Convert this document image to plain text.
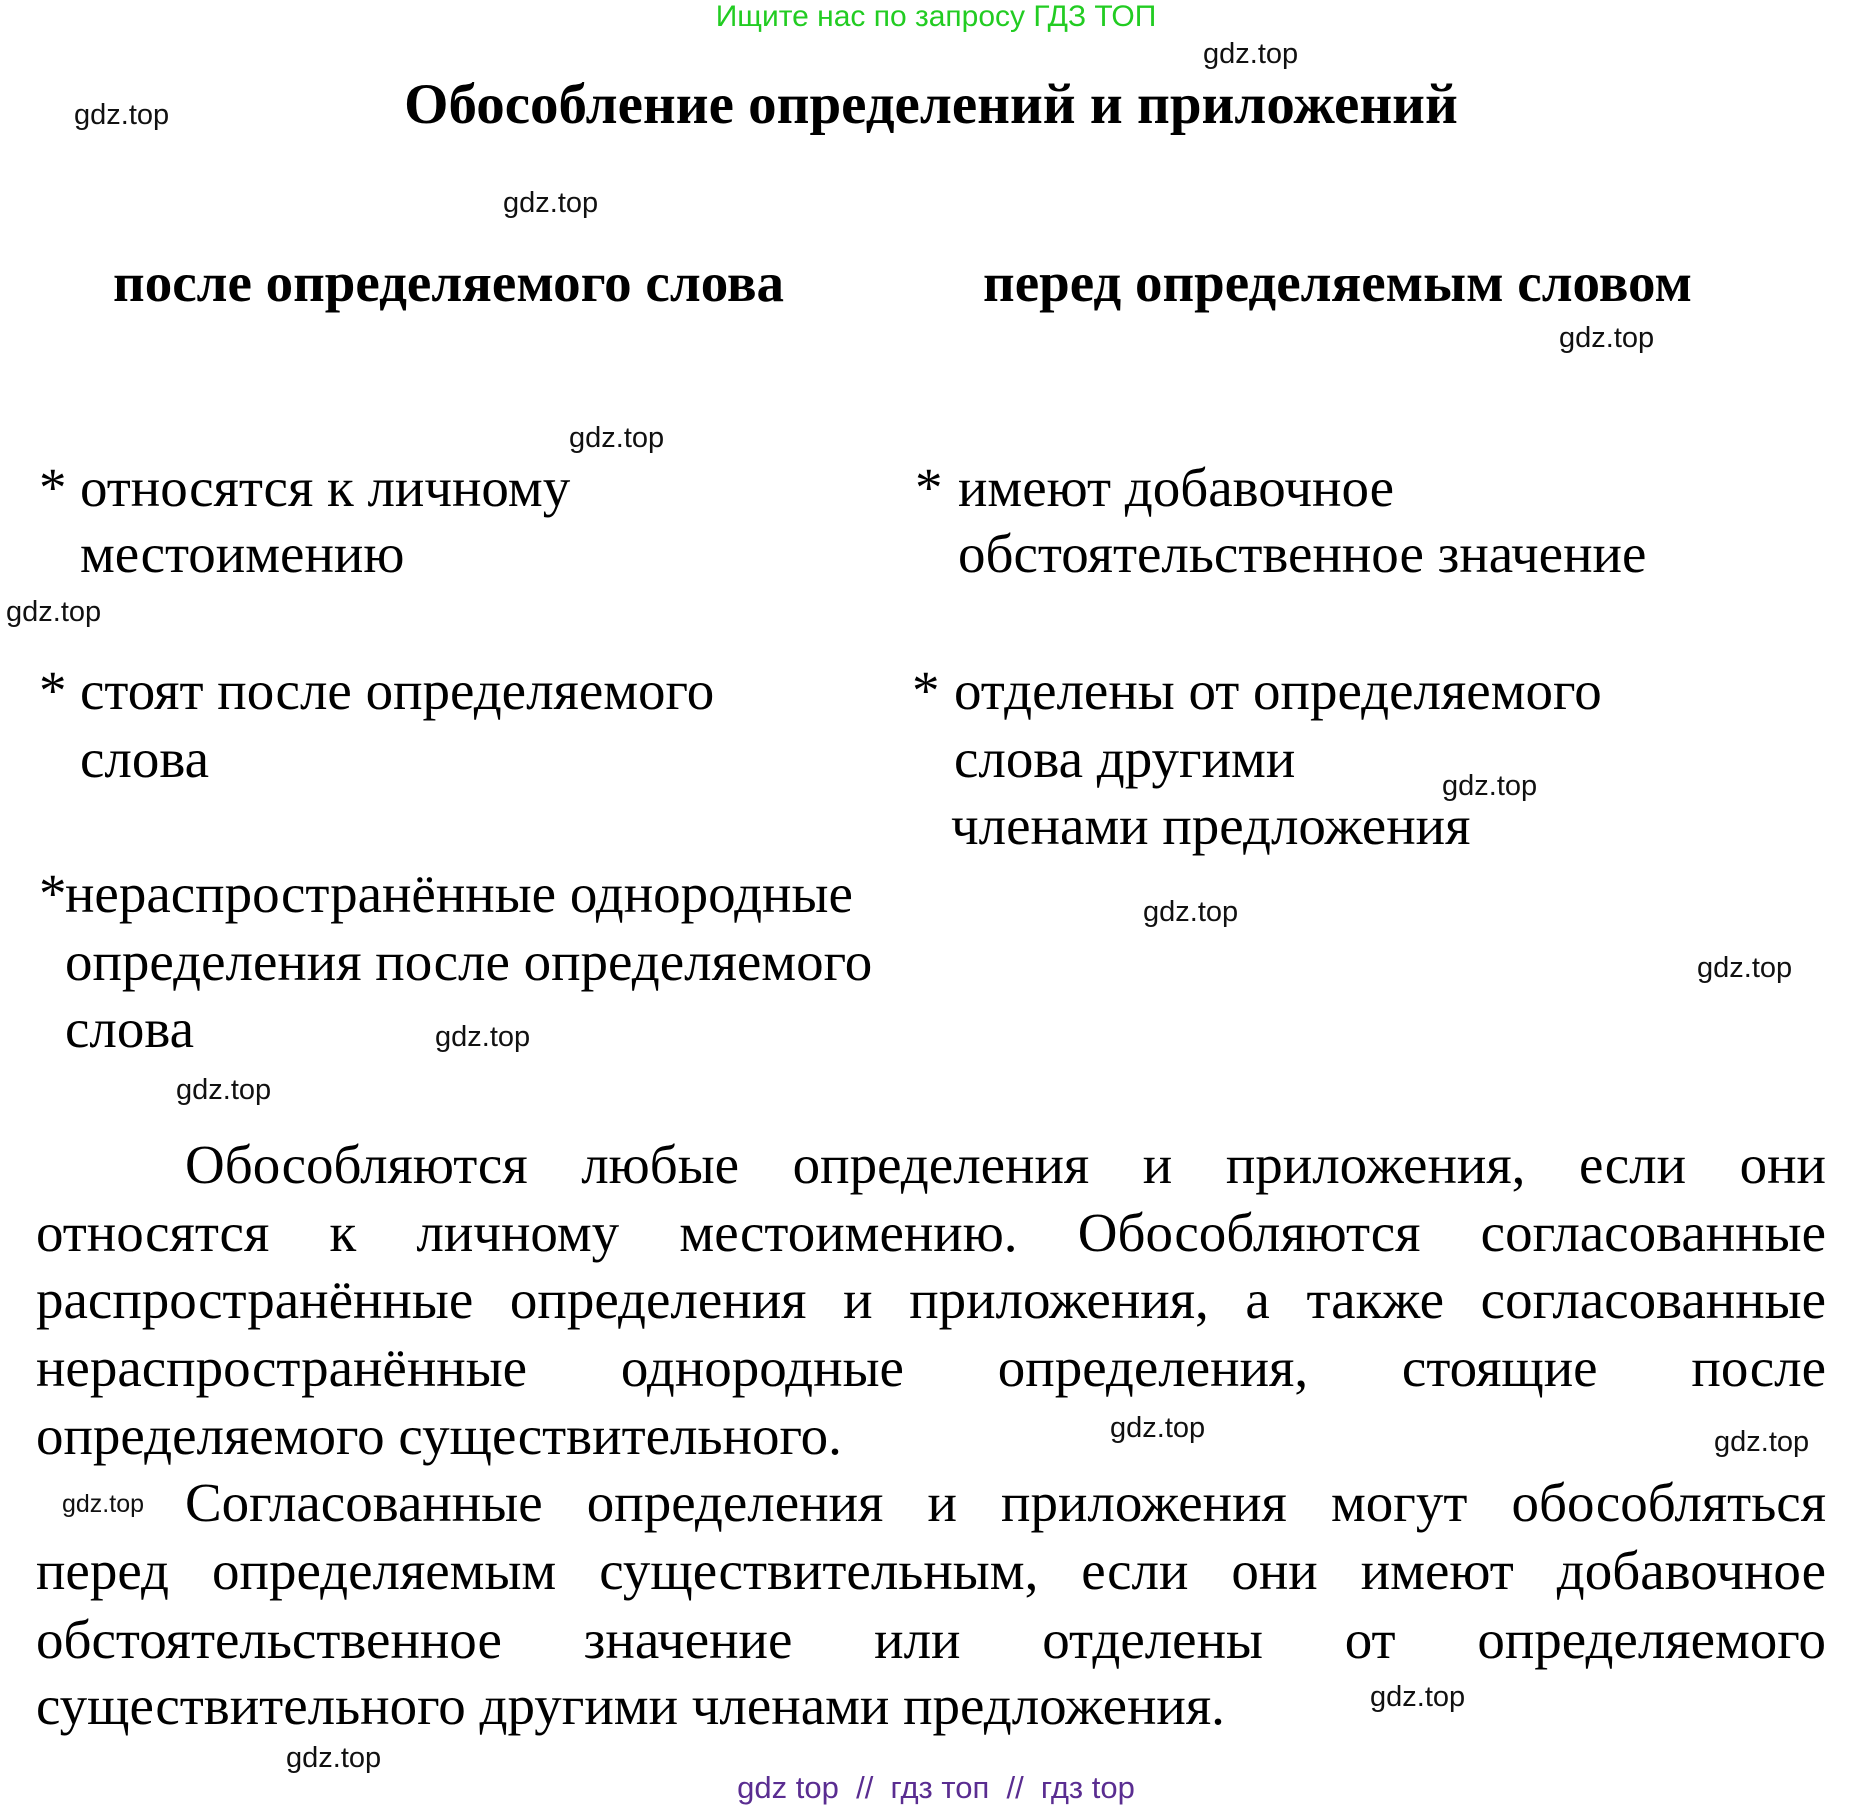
Ищите нас по запросу ГДЗ ТОП
Обособление определений и приложений
после определяемого слова	перед определяемым словом
* относятся к личному
местоимению
* стоят после определяемого
слова
*
нераспространённые однородные
определения после определяемого
слова
* имеют добавочное
обстоятельственное значение
* отделены от определяемого
слова другими
членами предложения
Обособляются любые определения и приложения, если они
относятся к личному местоимению. Обособляются согласованные
распространённые определения и приложения, а также согласованные
нераспространённые однородные определения, стоящие после
определяемого существительного.
Согласованные определения и приложения могут обособляться
перед определяемым существительным, если они имеют добавочное
обстоятельственное значение или отделены от определяемого
существительного другими членами предложения.
gdz.top
gdz.top
gdz.top
gdz.top
gdz.top
gdz.top
gdz.top
gdz.top
gdz.top
gdz.top
gdz.top
gdz.top	gdz.top
gdz.top
gdz.top
gdz.top
gdz top  //  гдз топ  //  гдз top
